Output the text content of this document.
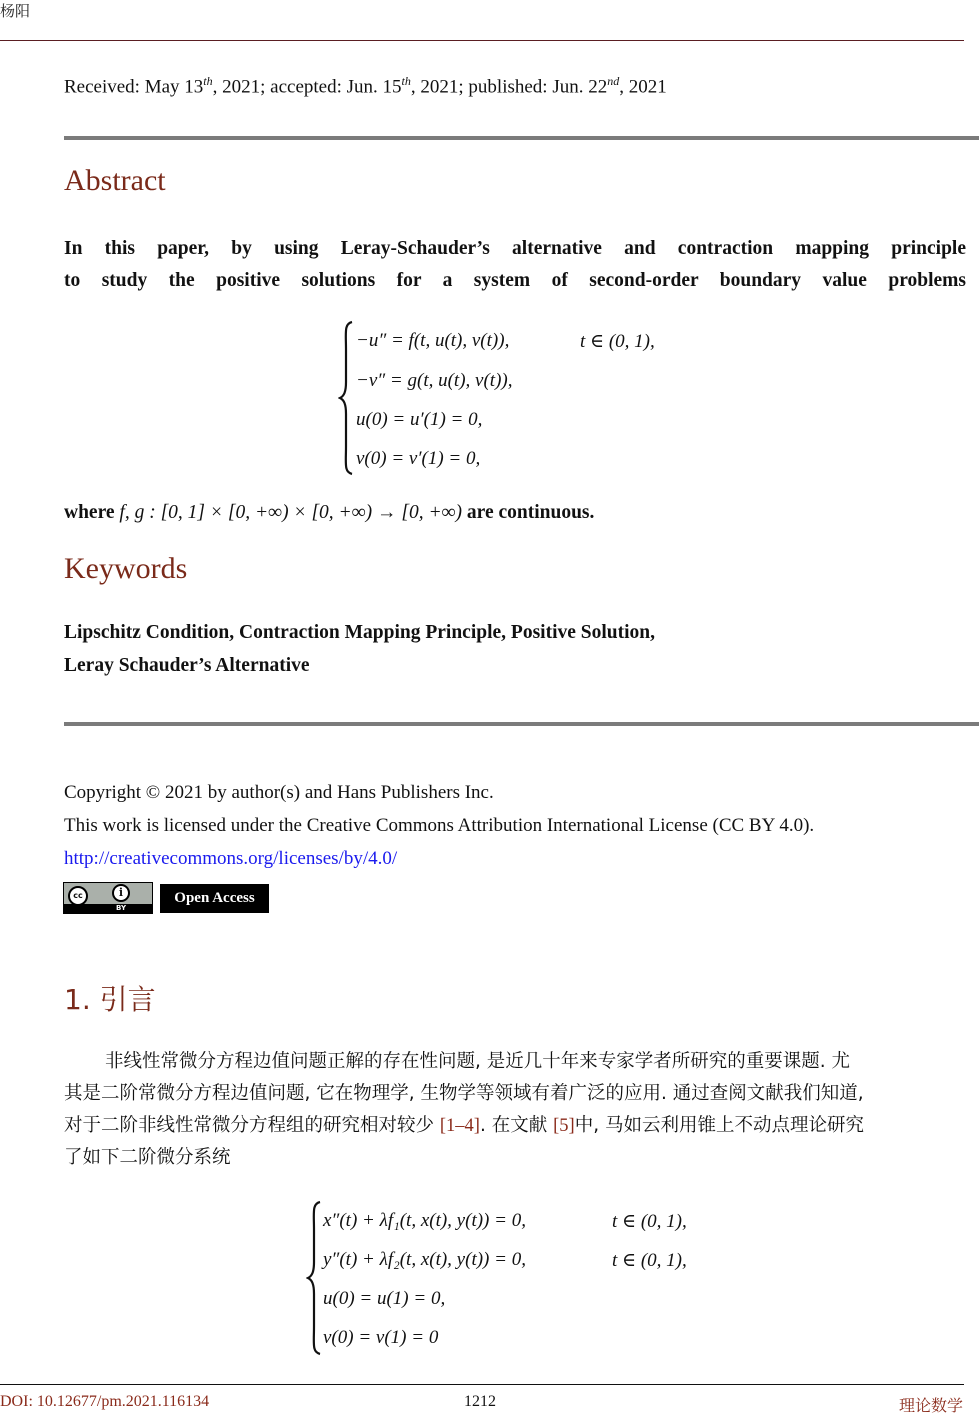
杨阳
Received: May 13th, 2021; accepted: Jun. 15th, 2021; published: Jun. 22nd, 2021
Abstract
In this paper, by using Leray-Schauder’s alternative and contraction mapping principle
to study the positive solutions for a system of second-order boundary value problems
−u″ = f(t, u(t), v(t)),	t ∈ (0, 1),
−v″ = g(t, u(t), v(t)),
u(0) = u′(1) = 0,
v(0) = v′(1) = 0,
where f, g : [0, 1] × [0, +∞) × [0, +∞) → [0, +∞) are continuous.
Keywords
Lipschitz Condition, Contraction Mapping Principle, Positive Solution,
Leray Schauder’s Alternative
Copyright © 2021 by author(s) and Hans Publishers Inc.
This work is licensed under the Creative Commons Attribution International License (CC BY 4.0).
http://creativecommons.org/licenses/by/4.0/
cc	i
BY
Open Access
1. 引言
非线性常微分方程边值问题正解的存在性问题, 是近几十年来专家学者所研究的重要课题. 尤
其是二阶常微分方程边值问题, 它在物理学, 生物学等领域有着广泛的应用. 通过查阅文献我们知道,
对于二阶非线性常微分方程组的研究相对较少 [1–4]. 在文献 [5]中, 马如云利用锥上不动点理论研究
了如下二阶微分系统
x″(t) + λf₁(t, x(t), y(t)) = 0,	t ∈ (0, 1),
y″(t) + λf₂(t, x(t), y(t)) = 0,	t ∈ (0, 1),
u(0) = u(1) = 0,
v(0) = v(1) = 0
DOI: 10.12677/pm.2021.116134	1212	理论数学
